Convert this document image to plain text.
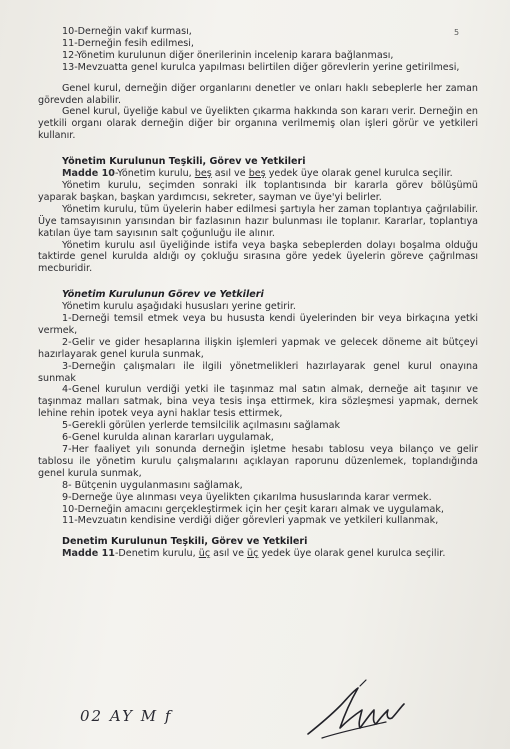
5

10-Derneğin vakıf kurması,

11-Derneğin fesih edilmesi,

12-Yönetim kurulunun diğer önerilerinin incelenip karara bağlanması,

13-Mevzuatta genel kurulca yapılması belirtilen diğer görevlerin yerine getirilmesi,

Genel kurul, derneğin diğer organlarını denetler ve onları haklı sebeplerle her zaman görevden alabilir.

Genel kurul, üyeliğe kabul ve üyelikten çıkarma hakkında son kararı verir. Derneğin en yetkili organı olarak derneğin diğer bir organına verilmemiş olan işleri görür ve yetkileri kullanır.

Yönetim Kurulunun Teşkili, Görev ve Yetkileri

Madde 10-Yönetim kurulu, beş asıl ve beş yedek üye olarak genel kurulca seçilir.

Yönetim kurulu, seçimden sonraki ilk toplantısında bir kararla görev bölüşümü yaparak başkan, başkan yardımcısı, sekreter, sayman ve üye'yi belirler.

Yönetim kurulu, tüm üyelerin haber edilmesi şartıyla her zaman toplantıya çağrılabilir. Üye tamsayısının yarısından bir fazlasının hazır bulunması ile toplanır. Kararlar, toplantıya katılan üye tam sayısının salt çoğunluğu ile alınır.

Yönetim kurulu asıl üyeliğinde istifa veya başka sebeplerden dolayı boşalma olduğu taktirde genel kurulda aldığı oy çokluğu sırasına göre yedek üyelerin göreve çağrılması mecburidir.

Yönetim Kurulunun Görev ve Yetkileri

Yönetim kurulu aşağıdaki hususları yerine getirir.

1-Derneği temsil etmek veya bu hususta kendi üyelerinden bir veya birkaçına yetki vermek,

2-Gelir ve gider hesaplarına ilişkin işlemleri yapmak ve gelecek döneme ait bütçeyi hazırlayarak genel kurula sunmak,

3-Derneğin çalışmaları ile ilgili yönetmelikleri hazırlayarak genel kurul onayına sunmak

4-Genel kurulun verdiği yetki ile taşınmaz mal satın almak, derneğe ait taşınır ve taşınmaz malları satmak, bina veya tesis inşa ettirmek, kira sözleşmesi yapmak, dernek lehine rehin ipotek veya ayni haklar tesis ettirmek,

5-Gerekli görülen yerlerde temsilcilik açılmasını sağlamak

6-Genel kurulda alınan kararları uygulamak,

7-Her faaliyet yılı sonunda derneğin işletme hesabı tablosu veya bilanço ve gelir tablosu ile yönetim kurulu çalışmalarını açıklayan raporunu düzenlemek, toplandığında genel kurula sunmak,

8- Bütçenin uygulanmasını sağlamak,

9-Derneğe üye alınması veya üyelikten çıkarılma hususlarında karar vermek.

10-Derneğin amacını gerçekleştirmek için her çeşit kararı almak ve uygulamak,

11-Mevzuatın kendisine verdiği diğer görevleri yapmak ve yetkileri kullanmak,

Denetim Kurulunun Teşkili, Görev ve Yetkileri

Madde 11-Denetim kurulu, üç asıl ve üç yedek üye olarak genel kurulca seçilir.

02 AY M f
